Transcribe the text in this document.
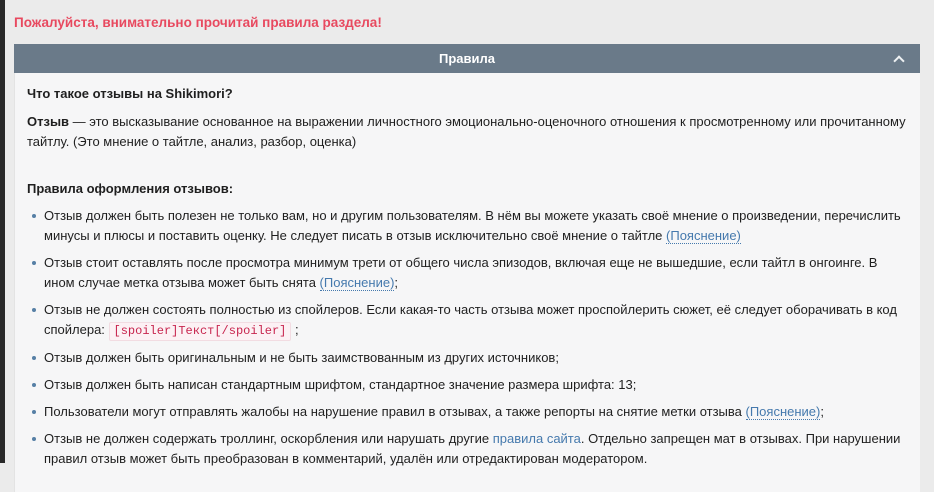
Пожалуйста, внимательно прочитай правила раздела!
Правила
Что такое отзывы на Shikimori?

Отзыв — это высказывание основанное на выражении личностного эмоционально-оценочного отношения к просмотренному или прочитанному тайтлу. (Это мнение о тайтле, анализ, разбор, оценка)

Правила оформления отзывов:
Отзыв должен быть полезен не только вам, но и другим пользователям. В нём вы можете указать своё мнение о произведении, перечислить минусы и плюсы и поставить оценку. Не следует писать в отзыв исключительно своё мнение о тайтле (Пояснение)
Отзыв стоит оставлять после просмотра минимум трети от общего числа эпизодов, включая еще не вышедшие, если тайтл в онгоинге. В ином случае метка отзыва может быть снята (Пояснение);
Отзыв не должен состоять полностью из спойлеров. Если какая-то часть отзыва может проспойлерить сюжет, её следует оборачивать в код спойлера: [spoiler]Текст[/spoiler] ;
Отзыв должен быть оригинальным и не быть заимствованным из других источников;
Отзыв должен быть написан стандартным шрифтом, стандартное значение размера шрифта: 13;
Пользователи могут отправлять жалобы на нарушение правил в отзывах, а также репорты на снятие метки отзыва (Пояснение);
Отзыв не должен содержать троллинг, оскорбления или нарушать другие правила сайта. Отдельно запрещен мат в отзывах. При нарушении правил отзыв может быть преобразован в комментарий, удалён или отредактирован модератором.
